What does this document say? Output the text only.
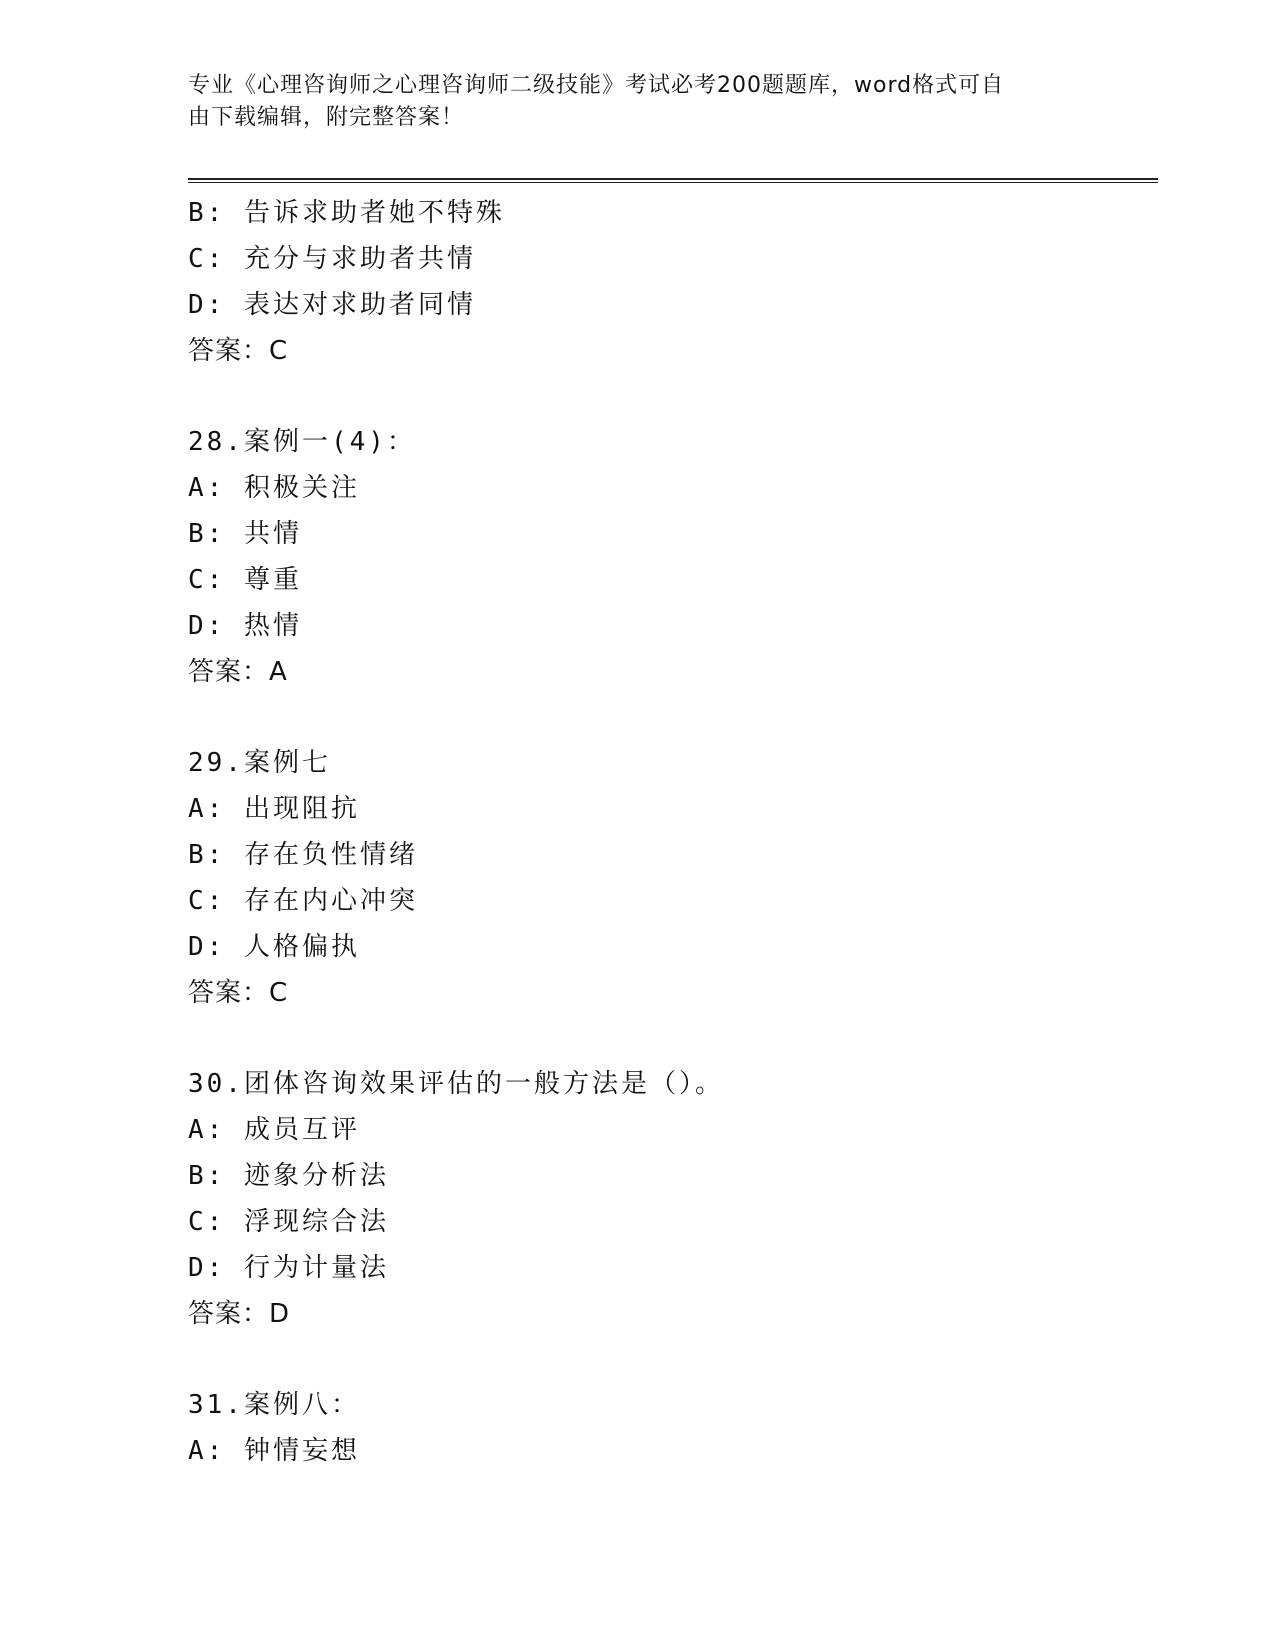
专业《心理咨询师之心理咨询师二级技能》考试必考200题题库，word格式可自
由下载编辑，附完整答案！
B: 告诉求助者她不特殊
C: 充分与求助者共情
D: 表达对求助者同情
答案：C
28.案例一(4)：
A: 积极关注
B: 共情
C: 尊重
D: 热情
答案：A
29.案例七
A: 出现阻抗
B: 存在负性情绪
C: 存在内心冲突
D: 人格偏执
答案：C
30.团体咨询效果评估的一般方法是（）。
A: 成员互评
B: 迹象分析法
C: 浮现综合法
D: 行为计量法
答案：D
31.案例八：
A: 钟情妄想
